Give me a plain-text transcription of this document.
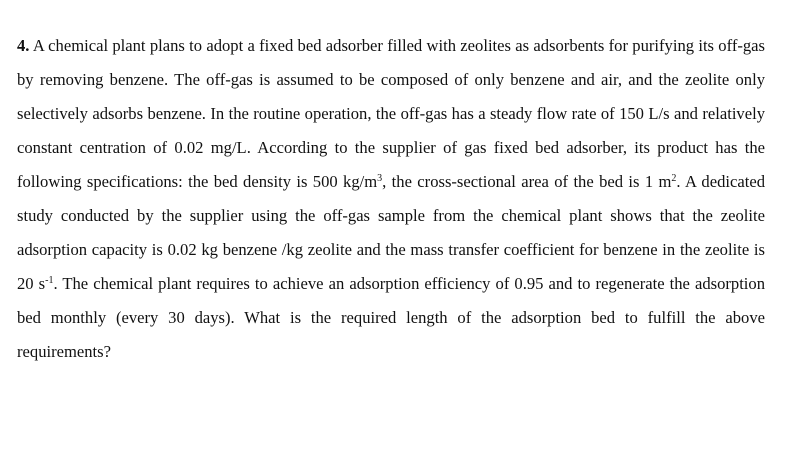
4. A chemical plant plans to adopt a fixed bed adsorber filled with zeolites as adsorbents for purifying its off-gas by removing benzene. The off-gas is assumed to be composed of only benzene and air, and the zeolite only selectively adsorbs benzene. In the routine operation, the off-gas has a steady flow rate of 150 L/s and relatively constant centration of 0.02 mg/L. According to the supplier of gas fixed bed adsorber, its product has the following specifications: the bed density is 500 $kg/m^3$, the cross-sectional area of the bed is 1 $m^2$. A dedicated study conducted by the supplier using the off-gas sample from the chemical plant shows that the zeolite adsorption capacity is 0.02 kg benzene /kg zeolite and the mass transfer coefficient for benzene in the zeolite is 20 $s^{-1}$. The chemical plant requires to achieve an adsorption efficiency of 0.95 and to regenerate the adsorption bed monthly (every 30 days). What is the required length of the adsorption bed to fulfill the above requirements?
